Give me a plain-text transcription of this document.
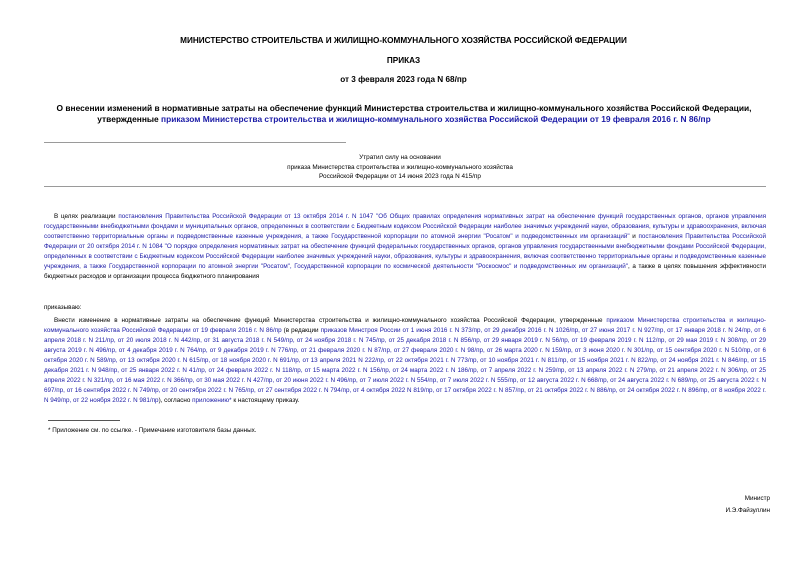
МИНИСТЕРСТВО СТРОИТЕЛЬСТВА И ЖИЛИЩНО-КОММУНАЛЬНОГО ХОЗЯЙСТВА РОССИЙСКОЙ ФЕДЕРАЦИИ
ПРИКАЗ
от 3 февраля 2023 года N 68/пр
О внесении изменений в нормативные затраты на обеспечение функций Министерства строительства и жилищно-коммунального хозяйства Российской Федерации, утвержденные приказом Министерства строительства и жилищно-коммунального хозяйства Российской Федерации от 19 февраля 2016 г. N 86/пр
Утратил силу на основании
приказа Министерства строительства и жилищно-коммунального хозяйства
Российской Федерации от 14 июня 2023 года N 415/пр
В целях реализации постановления Правительства Российской Федерации от 13 октября 2014 г. N 1047 "Об Общих правилах определения нормативных затрат на обеспечение функций государственных органов, органов управления государственными внебюджетными фондами и муниципальных органов, определенных в соответствии с Бюджетным кодексом Российской Федерации наиболее значимых учреждений науки, образования, культуры и здравоохранения, включая соответственно территориальные органы и подведомственные казенные учреждения, а также Государственной корпорации по атомной энергии "Росатом" и подведомственных им организаций" и постановления Правительства Российской Федерации от 20 октября 2014 г. N 1084 "О порядке определения нормативных затрат на обеспечение функций федеральных государственных органов, органов управления государственными внебюджетными фондами Российской Федерации, определенных в соответствии с Бюджетным кодексом Российской Федерации наиболее значимых учреждений науки, образования, культуры и здравоохранения, включая соответственно территориальные органы и подведомственные казенные учреждения, а также Государственной корпорации по атомной энергии "Росатом", Государственной корпорации по космической деятельности "Роскосмос" и подведомственных им организаций", а также в целях повышения эффективности бюджетных расходов и организации процесса бюджетного планирования
приказываю:
Внести изменение в нормативные затраты на обеспечение функций Министерства строительства и жилищно-коммунального хозяйства Российской Федерации, утвержденные приказом Министерства строительства и жилищно-коммунального хозяйства Российской Федерации от 19 февраля 2016 г. N 86/пр (в редакции приказов Минстроя России от 1 июня 2016 г. N 373/пр, от 29 декабря 2016 г. N 1026/пр, от 27 июня 2017 г. N 927/пр, от 17 января 2018 г. N 24/пр, от 6 апреля 2018 г. N 211/пр, от 20 июля 2018 г. N 442/пр, от 31 августа 2018 г. N 549/пр, от 24 ноября 2018 г. N 745/пр, от 25 декабря 2018 г. N 856/пр, от 29 января 2019 г. N 56/пр, от 19 февраля 2019 г. N 112/пр, от 29 мая 2019 г. N 308/пр, от 29 августа 2019 г. N 496/пр, от 4 декабря 2019 г. N 764/пр, от 9 декабря 2019 г. N 776/пр, от 21 февраля 2020 г. N 87/пр, от 27 февраля 2020 г. N 98/пр, от 26 марта 2020 г. N 159/пр, от 3 июня 2020 г. N 301/пр, от 15 сентября 2020 г. N 510/пр, от 6 октября 2020 г. N 589/пр, от 13 октября 2020 г. N 615/пр, от 18 ноября 2020 г. N 691/пр, от 13 апреля 2021 N 222/пр, от 22 октября 2021 г. N 773/пр, от 10 ноября 2021 г. N 811/пр, от 15 ноября 2021 г. N 822/пр, от 24 ноября 2021 г. N 846/пр, от 15 декабря 2021 г. N 948/пр, от 25 января 2022 г. N 41/пр, от 24 февраля 2022 г. N 118/пр, от 15 марта 2022 г. N 156/пр, от 24 марта 2022 г. N 186/пр, от 7 апреля 2022 г. N 259/пр, от 13 апреля 2022 г. N 279/пр, от 21 апреля 2022 г. N 306/пр, от 25 апреля 2022 г. N 321/пр, от 16 мая 2022 г. N 366/пр, от 30 мая 2022 г. N 427/пр, от 20 июня 2022 г. N 496/пр, от 7 июля 2022 г. N 554/пр, от 7 июля 2022 г. N 555/пр, от 12 августа 2022 г. N 668/пр, от 24 августа 2022 г. N 689/пр, от 25 августа 2022 г. N 697/пр, от 16 сентября 2022 г. N 749/пр, от 20 сентября 2022 г. N 765/пр, от 27 сентября 2022 г. N 794/пр, от 4 октября 2022 N 819/пр, от 17 октября 2022 г. N 857/пр, от 21 октября 2022 г. N 886/пр, от 24 октября 2022 г. N 896/пр, от 8 ноября 2022 г. N 949/пр, от 22 ноября 2022 г. N 981/пр), согласно приложению* к настоящему приказу.
* Приложение см. по ссылке. - Примечание изготовителя базы данных.
Министр
И.Э.Файзуллин
